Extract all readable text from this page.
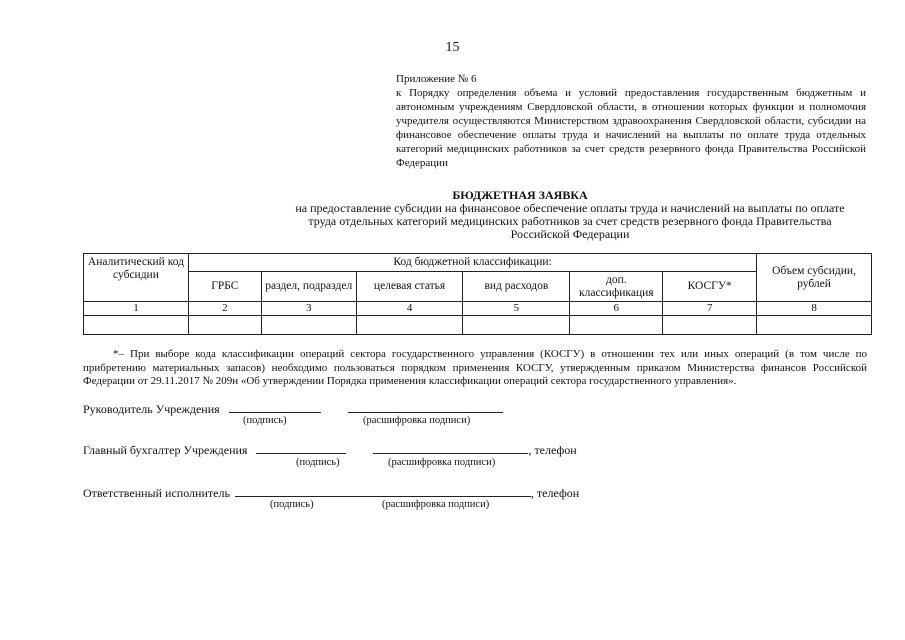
15
Приложение № 6
к Порядку определения объема и условий предоставления государственным бюджетным и автономным учреждениям Свердловской области, в отношении которых функции и полномочия учредителя осуществляются Министерством здравоохранения Свердловской области, субсидии на финансовое обеспечение оплаты труда и начислений на выплаты по оплате труда отдельных категорий медицинских работников за счет средств резервного фонда Правительства Российской Федерации
БЮДЖЕТНАЯ ЗАЯВКА
на предоставление субсидии на финансовое обеспечение оплаты труда и начислений на выплаты по оплате
труда отдельных категорий медицинских работников за счет средств резервного фонда Правительства
Российской Федерации
Аналитический код субсидии	Код бюджетной классификации:						Объем субсидии, рублей
	ГРБС	раздел, подраздел	целевая статья	вид расходов	доп. классификация	КОСГУ*	
1	2	3	4	5	6	7	8

*– При выборе кода классификации операций сектора государственного управления (КОСГУ) в отношении тех или иных операций (в том числе по прибретению материальных запасов) необходимо пользоваться порядком применения КОСГУ, утвержденным приказом Министерства финансов Российской Федерации от 29.11.2017 № 209н «Об утверждении Порядка применения классификации операций сектора государственного управления».
Руководитель Учреждения
(подпись)	(расшифровка подписи)
Главный бухгалтер Учреждения	, телефон
(подпись)	(расшифровка подписи)
Ответственный исполнитель	, телефон
(подпись)	(расшифровка подписи)
